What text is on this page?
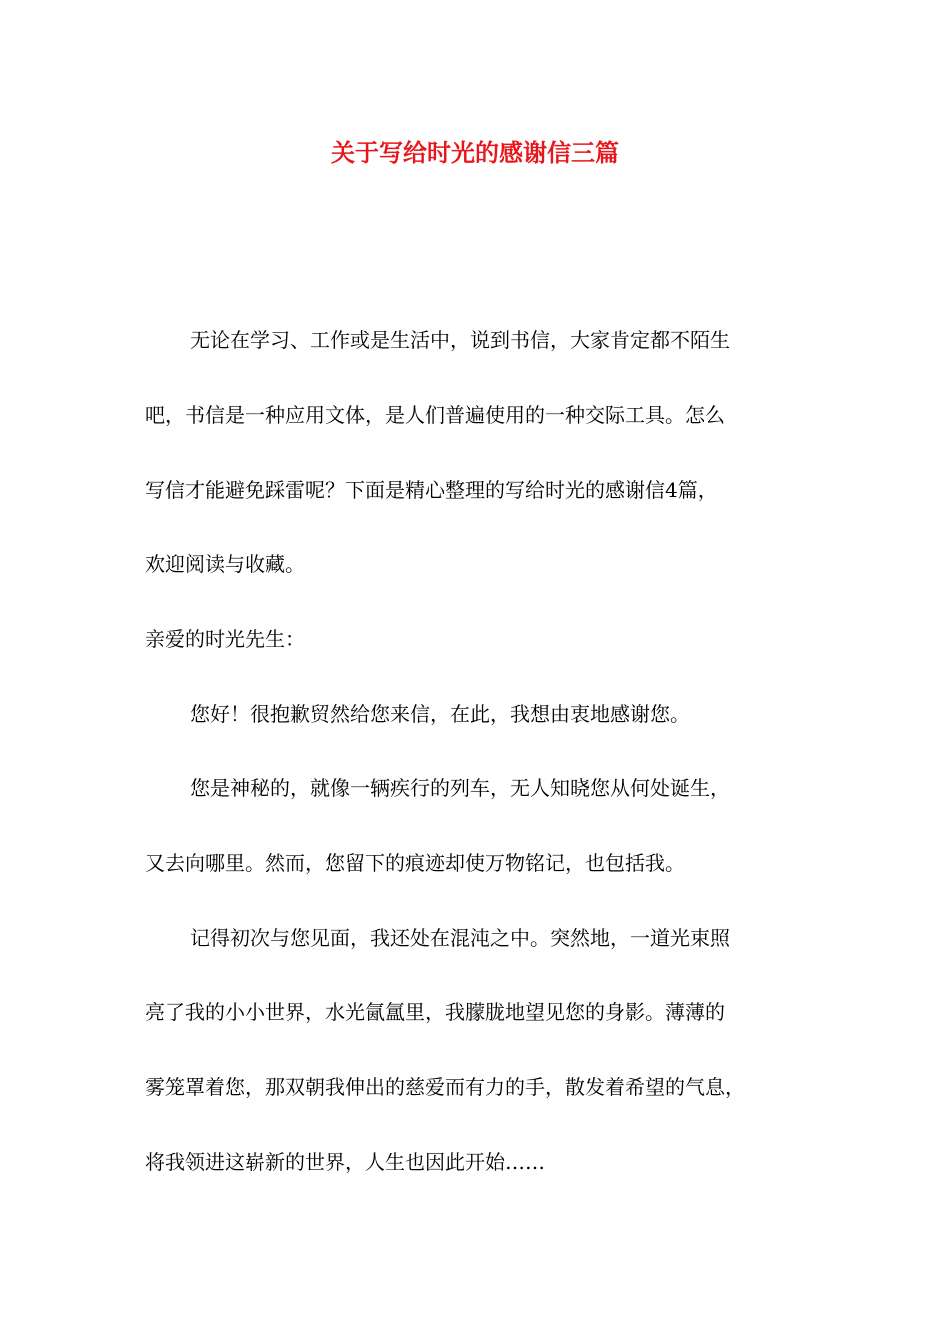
关于写给时光的感谢信三篇
无论在学习、工作或是生活中，说到书信，大家肯定都不陌生
吧，书信是一种应用文体，是人们普遍使用的一种交际工具。怎么
写信才能避免踩雷呢？下面是精心整理的写给时光的感谢信4篇，
欢迎阅读与收藏。
亲爱的时光先生：
您好！很抱歉贸然给您来信，在此，我想由衷地感谢您。
您是神秘的，就像一辆疾行的列车，无人知晓您从何处诞生，
又去向哪里。然而，您留下的痕迹却使万物铭记，也包括我。
记得初次与您见面，我还处在混沌之中。突然地，一道光束照
亮了我的小小世界，水光氤氲里，我朦胧地望见您的身影。薄薄的
雾笼罩着您，那双朝我伸出的慈爱而有力的手，散发着希望的气息，
将我领进这崭新的世界，人生也因此开始……
